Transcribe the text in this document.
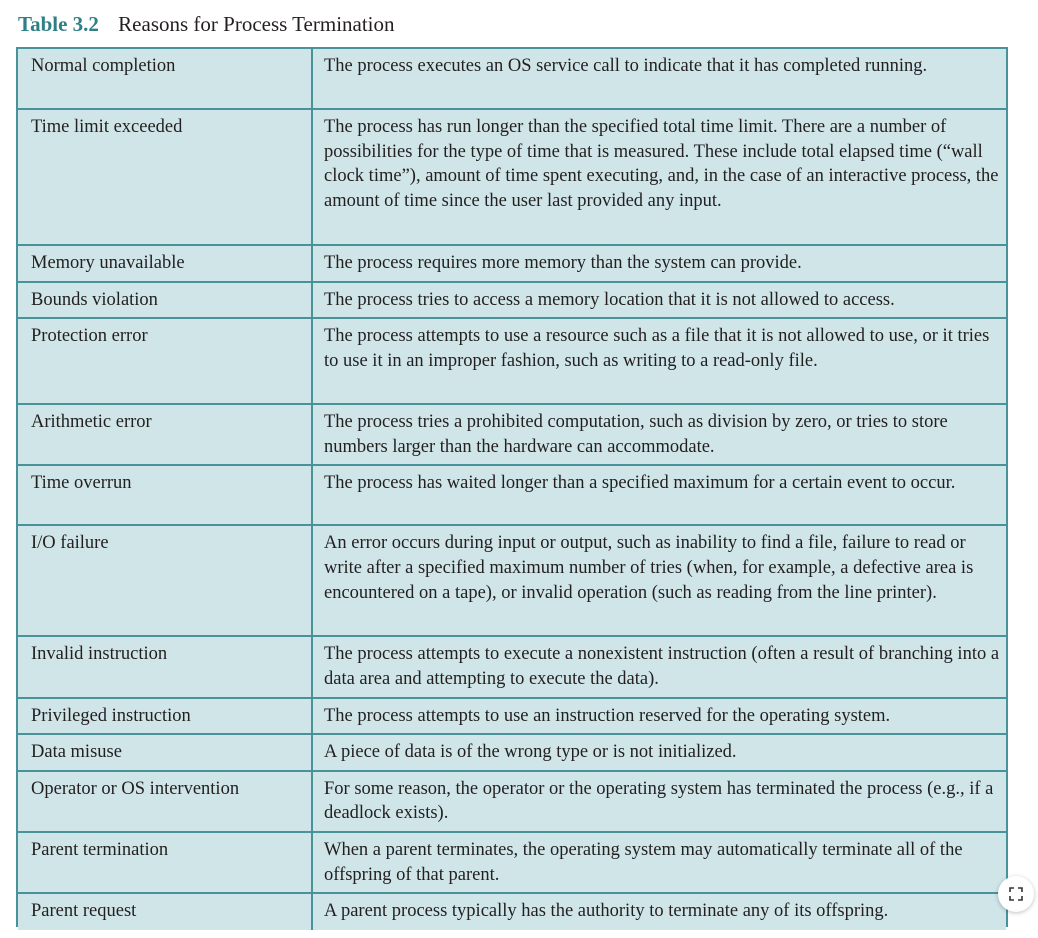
Table 3.2 Reasons for Process Termination
Normal completion	The process executes an OS service call to indicate that it has completed running.
Time limit exceeded	The process has run longer than the specified total time limit. There are a number of possibilities for the type of time that is measured. These include total elapsed time (“wall clock time”), amount of time spent executing, and, in the case of an interactive process, the amount of time since the user last provided any input.
Memory unavailable	The process requires more memory than the system can provide.
Bounds violation	The process tries to access a memory location that it is not allowed to access.
Protection error	The process attempts to use a resource such as a file that it is not allowed to use, or it tries to use it in an improper fashion, such as writing to a read-only file.
Arithmetic error	The process tries a prohibited computation, such as division by zero, or tries to store numbers larger than the hardware can accommodate.
Time overrun	The process has waited longer than a specified maximum for a certain event to occur.
I/O failure	An error occurs during input or output, such as inability to find a file, failure to read or write after a specified maximum number of tries (when, for example, a defective area is encountered on a tape), or invalid operation (such as reading from the line printer).
Invalid instruction	The process attempts to execute a nonexistent instruction (often a result of branching into a data area and attempting to execute the data).
Privileged instruction	The process attempts to use an instruction reserved for the operating system.
Data misuse	A piece of data is of the wrong type or is not initialized.
Operator or OS intervention	For some reason, the operator or the operating system has terminated the process (e.g., if a deadlock exists).
Parent termination	When a parent terminates, the operating system may automatically terminate all of the offspring of that parent.
Parent request	A parent process typically has the authority to terminate any of its offspring.
